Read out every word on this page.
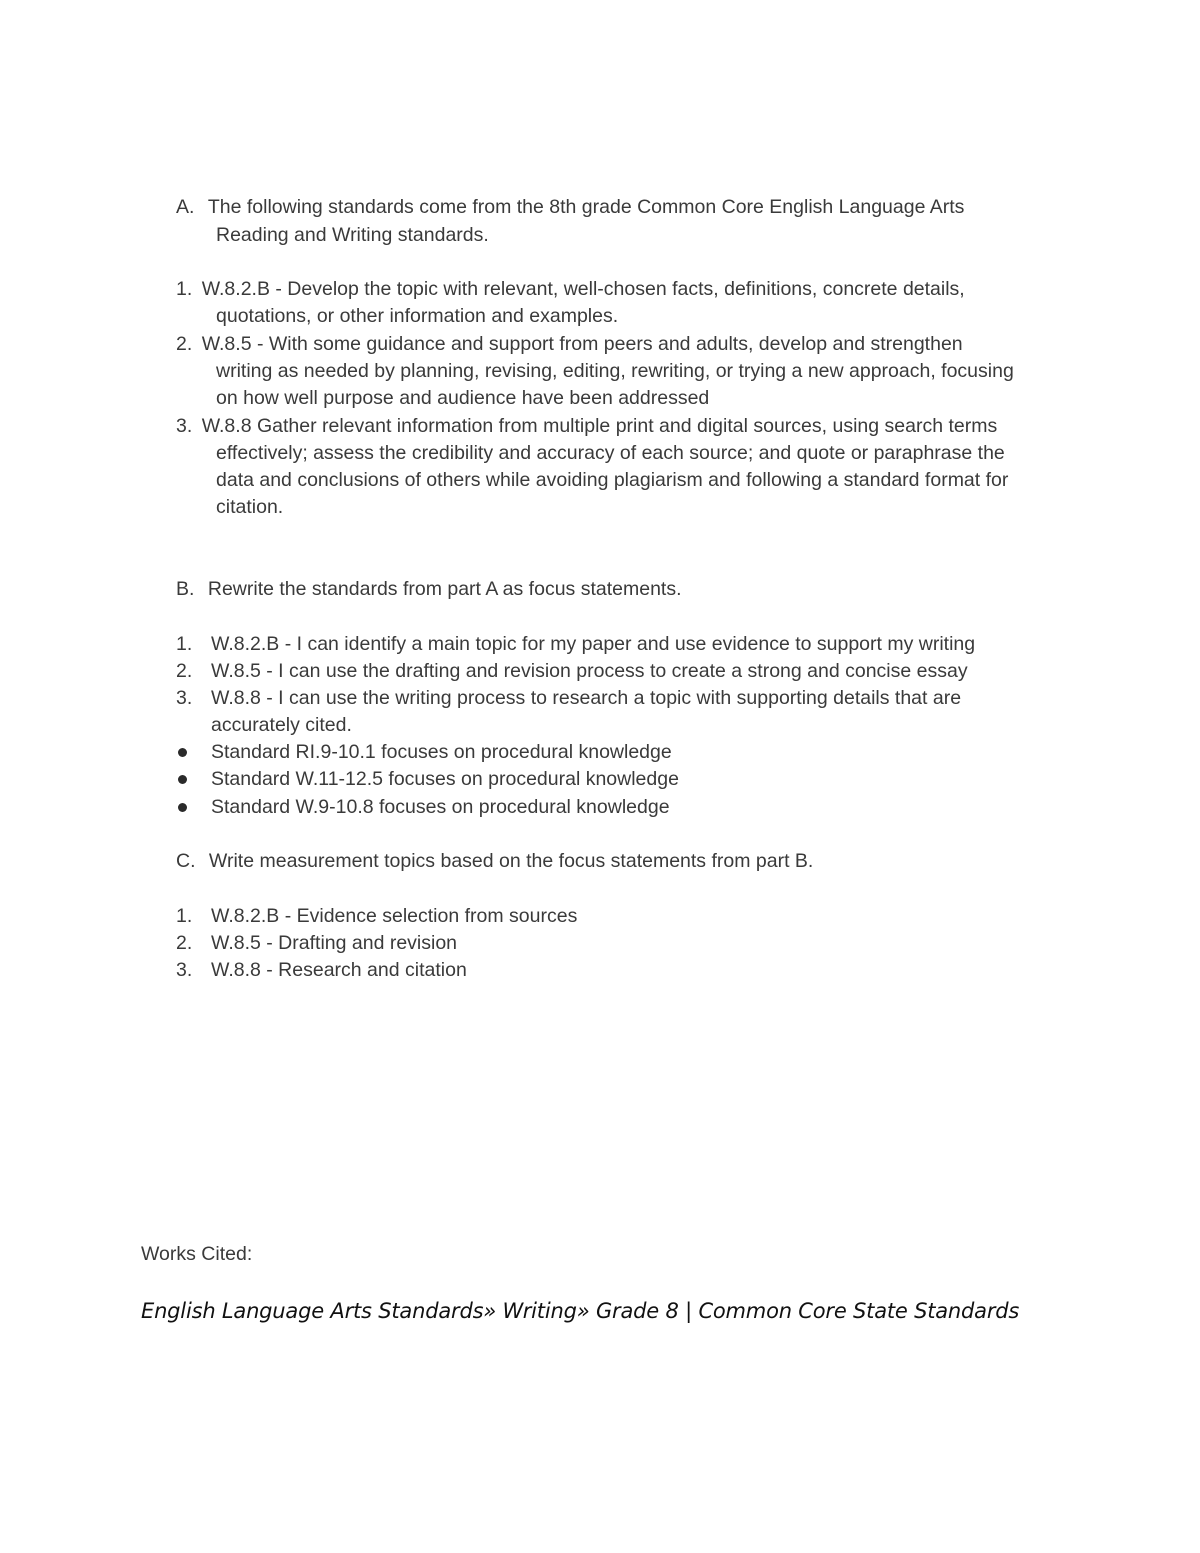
A. The following standards come from the 8th grade Common Core English Language Arts
Reading and Writing standards.
1. W.8.2.B - Develop the topic with relevant, well-chosen facts, definitions, concrete details,
quotations, or other information and examples.
2. W.8.5 - With some guidance and support from peers and adults, develop and strengthen
writing as needed by planning, revising, editing, rewriting, or trying a new approach, focusing
on how well purpose and audience have been addressed
3. W.8.8 Gather relevant information from multiple print and digital sources, using search terms
effectively; assess the credibility and accuracy of each source; and quote or paraphrase the
data and conclusions of others while avoiding plagiarism and following a standard format for
citation.
B. Rewrite the standards from part A as focus statements.
1. W.8.2.B - I can identify a main topic for my paper and use evidence to support my writing
2. W.8.5 - I can use the drafting and revision process to create a strong and concise essay
3. W.8.8 - I can use the writing process to research a topic with supporting details that are
accurately cited.
Standard RI.9-10.1 focuses on procedural knowledge
Standard W.11-12.5 focuses on procedural knowledge
Standard W.9-10.8 focuses on procedural knowledge
C. Write measurement topics based on the focus statements from part B.
1. W.8.2.B - Evidence selection from sources
2. W.8.5 - Drafting and revision
3. W.8.8 - Research and citation
Works Cited:
English Language Arts Standards» Writing» Grade 8 | Common Core State Standards
